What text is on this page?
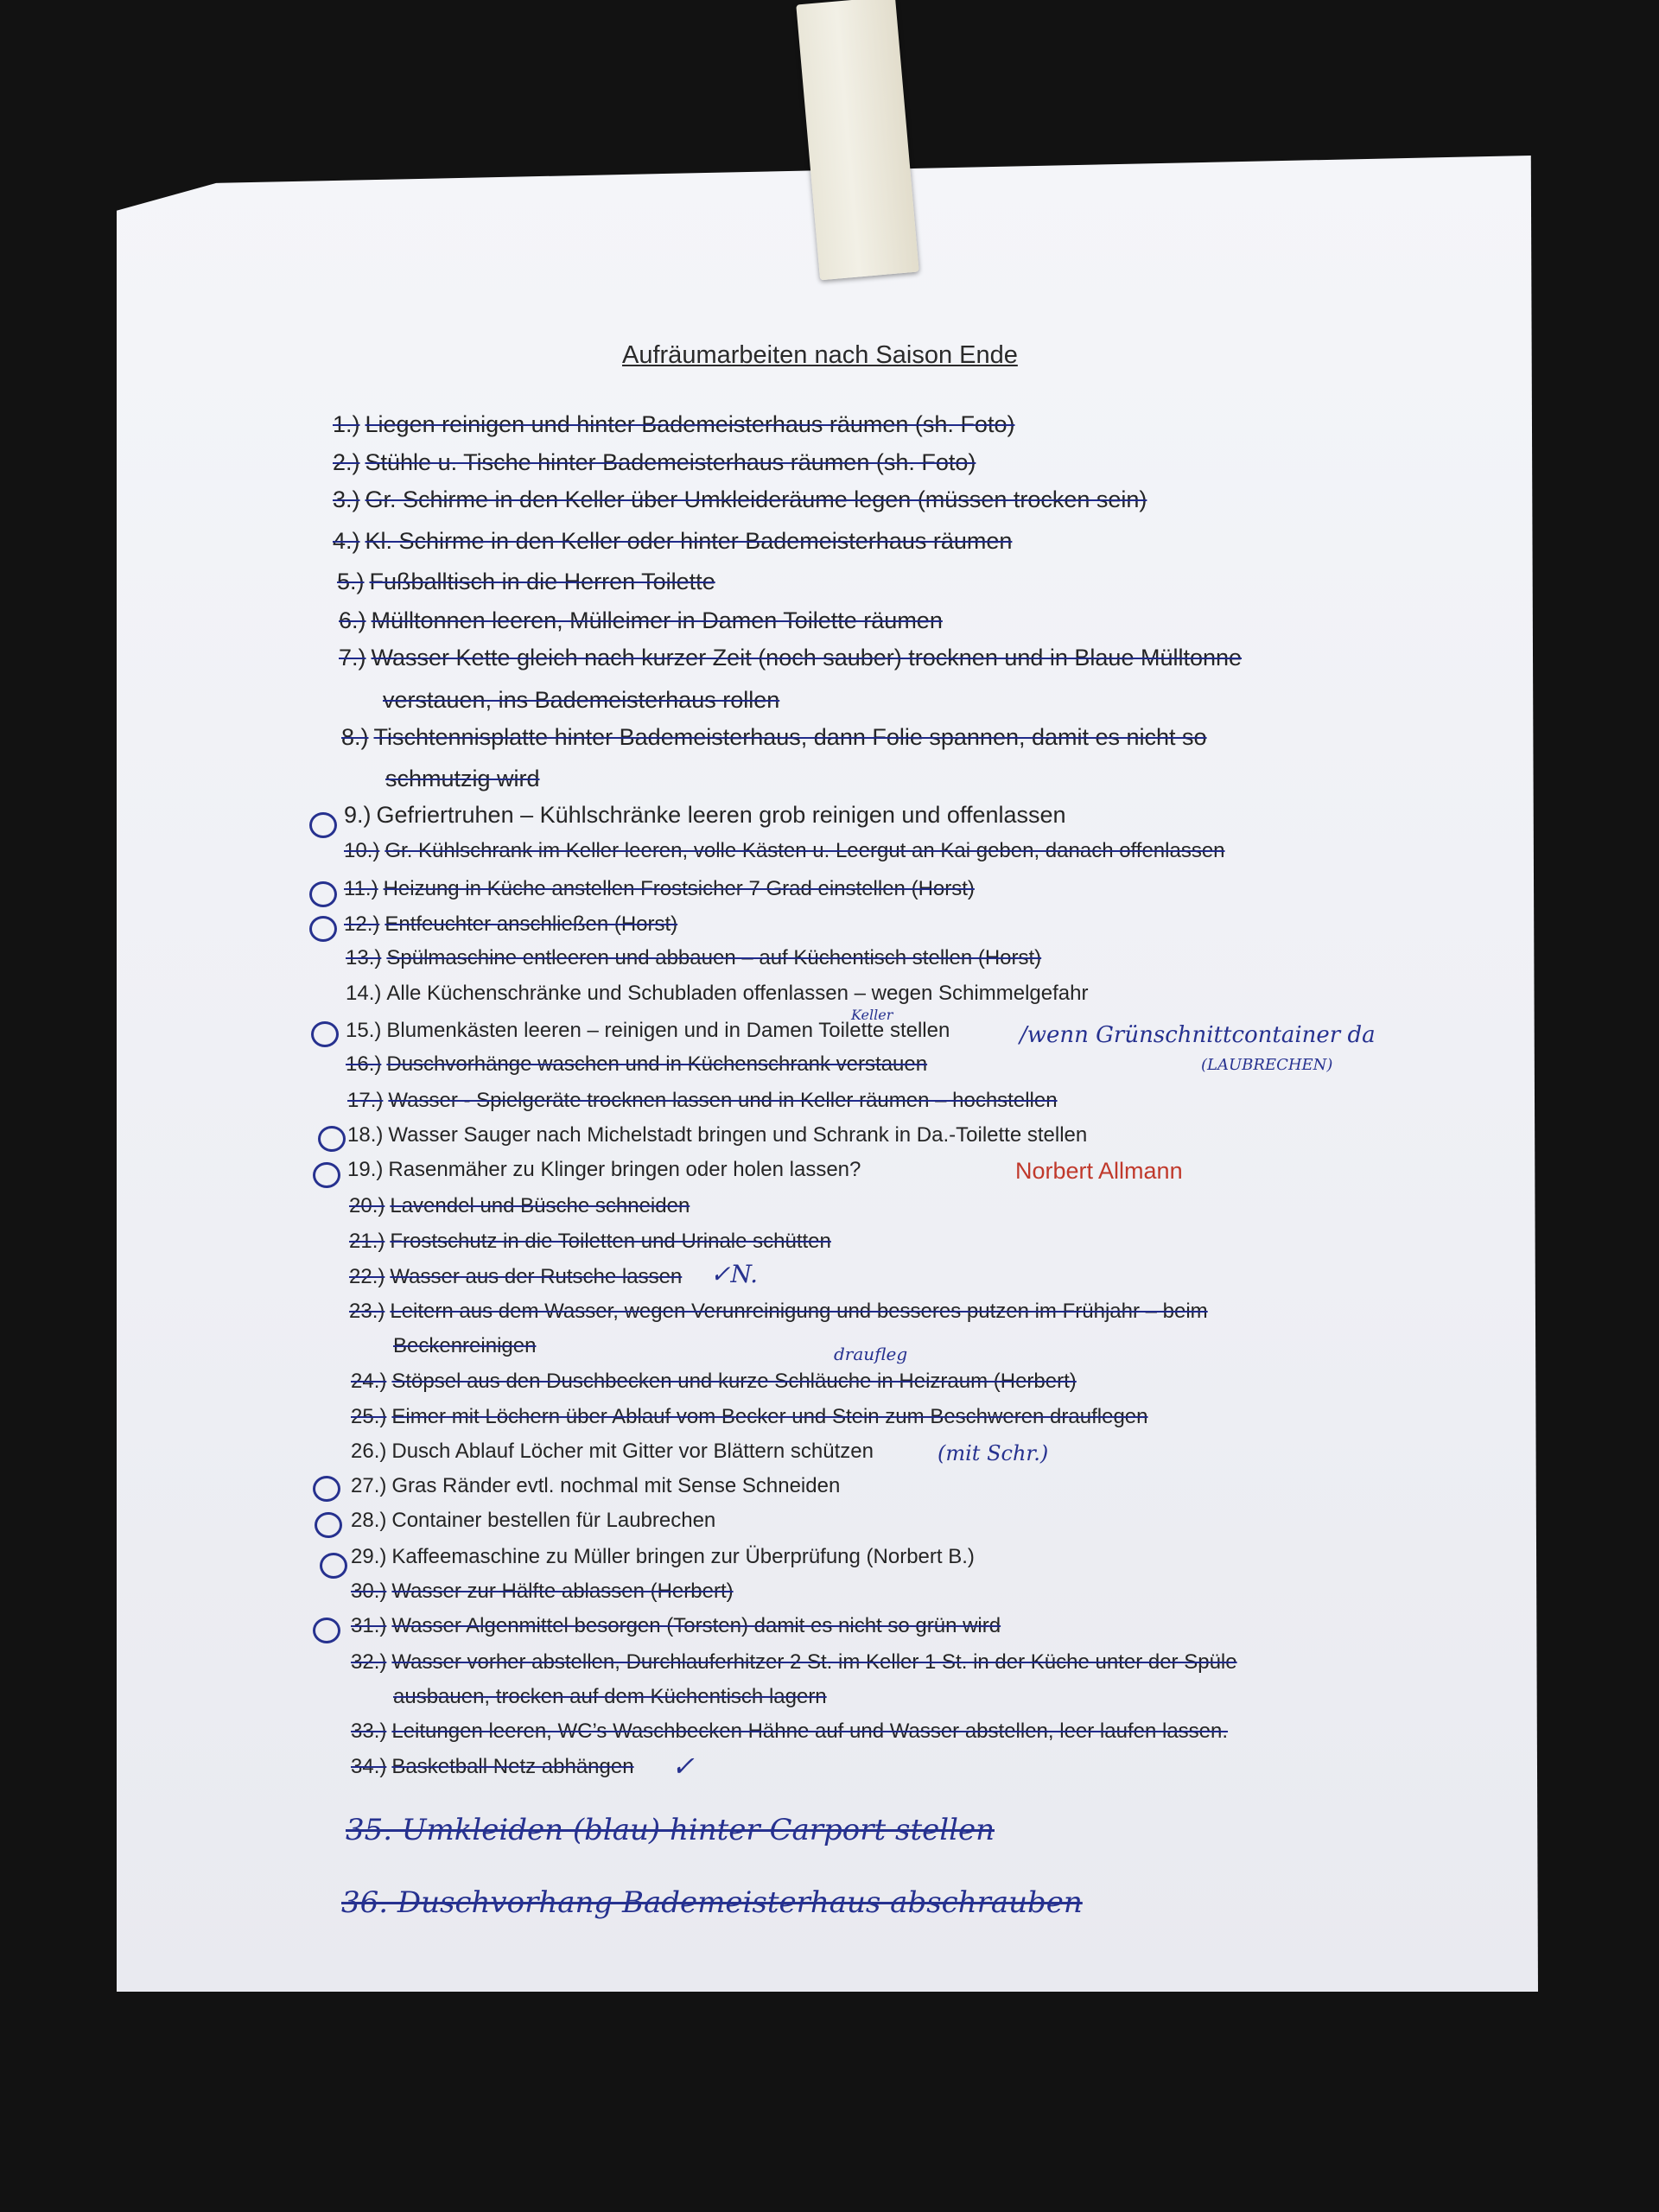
Aufräumarbeiten nach Saison Ende
1.) Liegen reinigen und hinter Bademeisterhaus räumen (sh. Foto)
2.) Stühle u. Tische hinter Bademeisterhaus räumen (sh. Foto)
3.) Gr. Schirme in den Keller über Umkleideräume legen (müssen trocken sein)
4.) Kl. Schirme in den Keller oder hinter Bademeisterhaus räumen
5.) Fußballtisch in die Herren Toilette
6.) Mülltonnen leeren, Mülleimer in Damen Toilette räumen
7.) Wasser Kette gleich nach kurzer Zeit (noch sauber) trocknen und in Blaue Mülltonne
verstauen, ins Bademeisterhaus rollen
8.) Tischtennisplatte hinter Bademeisterhaus, dann Folie spannen, damit es nicht so
schmutzig wird
9.) Gefriertruhen – Kühlschränke leeren grob reinigen und offenlassen
10.) Gr. Kühlschrank im Keller leeren, volle Kästen u. Leergut an Kai geben, danach offenlassen
11.) Heizung in Küche anstellen Frostsicher 7 Grad einstellen (Horst)
12.) Entfeuchter anschließen (Horst)
13.) Spülmaschine entleeren und abbauen – auf Küchentisch stellen (Horst)
14.) Alle Küchenschränke und Schubladen offenlassen – wegen Schimmelgefahr
15.) Blumenkästen leeren – reinigen und in Damen Toilette stellen
16.) Duschvorhänge waschen und in Küchenschrank verstauen
17.) Wasser - Spielgeräte trocknen lassen und in Keller räumen – hochstellen
18.) Wasser Sauger nach Michelstadt bringen und Schrank in Da.-Toilette stellen
19.) Rasenmäher zu Klinger bringen oder holen lassen?	Norbert Allmann
20.) Lavendel und Büsche schneiden
21.) Frostschutz in die Toiletten und Urinale schütten
22.) Wasser aus der Rutsche lassen
23.) Leitern aus dem Wasser, wegen Verunreinigung und besseres putzen im Frühjahr – beim
Beckenreinigen
24.) Stöpsel aus den Duschbecken und kurze Schläuche in Heizraum (Herbert)
25.) Eimer mit Löchern über Ablauf vom Becker und Stein zum Beschweren drauflegen
26.) Dusch Ablauf Löcher mit Gitter vor Blättern schützen
27.) Gras Ränder evtl. nochmal mit Sense Schneiden
28.) Container bestellen für Laubrechen
29.) Kaffeemaschine zu Müller bringen zur Überprüfung (Norbert B.)
30.) Wasser zur Hälfte ablassen (Herbert)
31.) Wasser Algenmittel besorgen (Torsten) damit es nicht so grün wird
32.) Wasser vorher abstellen, Durchlauferhitzer 2 St. im Keller 1 St. in der Küche unter der Spüle
ausbauen, trocken auf dem Küchentisch lagern
33.) Leitungen leeren, WC’s Waschbecken Hähne auf und Wasser abstellen, leer laufen lassen.
34.) Basketball Netz abhängen
Keller
/wenn Grünschnittcontainer da
(LAUBRECHEN)
✓N.
draufleg
(mit Schr.)
✓
35. Umkleiden (blau) hinter Carport stellen
36. Duschvorhang Bademeisterhaus abschrauben
